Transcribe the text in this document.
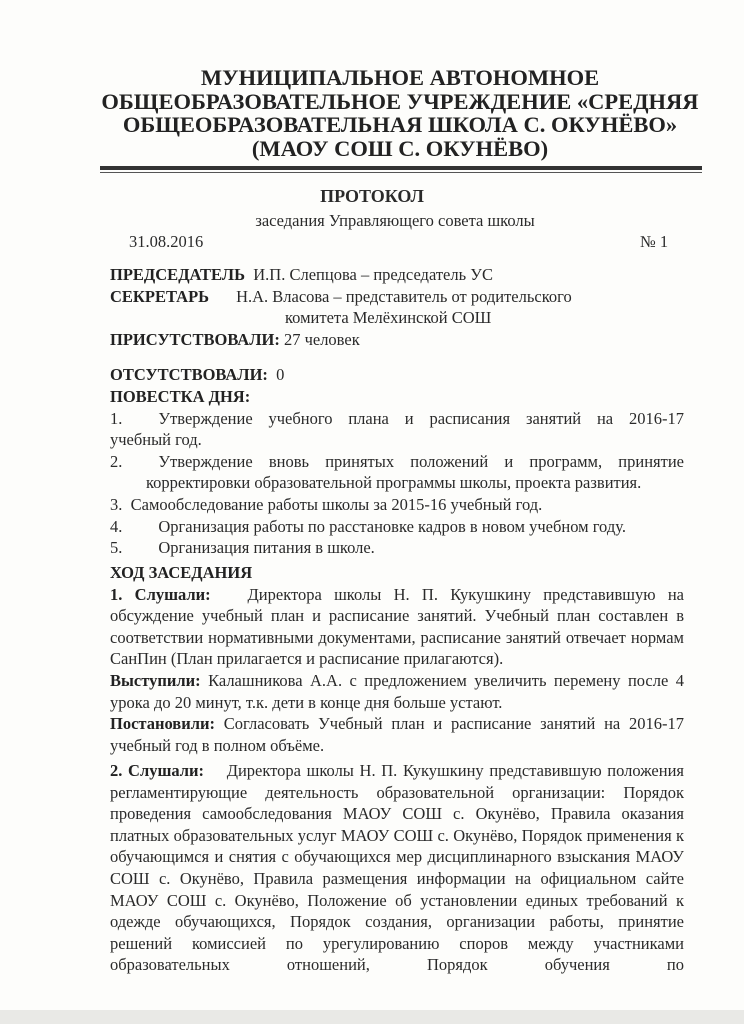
МУНИЦИПАЛЬНОЕ АВТОНОМНОЕ
ОБЩЕОБРАЗОВАТЕЛЬНОЕ УЧРЕЖДЕНИЕ «СРЕДНЯЯ
ОБЩЕОБРАЗОВАТЕЛЬНАЯ ШКОЛА С. ОКУНЁВО»
(МАОУ СОШ С. ОКУНЁВО)
ПРОТОКОЛ
заседания Управляющего совета школы
31.08.2016	№ 1
ПРЕДСЕДАТЕЛЬ И.П. Слепцова – председатель УС
СЕКРЕТАРЬ Н.А. Власова – представитель от родительского
комитета Мелёхинской СОШ
ПРИСУТСТВОВАЛИ: 27 человек
ОТСУТСТВОВАЛИ: 0
ПОВЕСТКА ДНЯ:
1. Утверждение учебного плана и расписания занятий на 2016-17
учебный год.
2. Утверждение вновь принятых положений и программ, принятие
корректировки образовательной программы школы, проекта развития.
3. Самообследование работы школы за 2015-16 учебный год.
4. Организация работы по расстановке кадров в новом учебном году.
5. Организация питания в школе.
ХОД ЗАСЕДАНИЯ
1. Слушали: Директора школы Н. П. Кукушкину представившую на обсуждение учебный план и расписание занятий. Учебный план составлен в соответствии нормативными документами, расписание занятий отвечает нормам СанПин (План прилагается и расписание прилагаются).
Выступили: Калашникова А.А. с предложением увеличить перемену после 4 урока до 20 минут, т.к. дети в конце дня больше устают.
Постановили: Согласовать Учебный план и расписание занятий на 2016-17 учебный год в полном объёме.
2. Слушали: Директора школы Н. П. Кукушкину представившую положения регламентирующие деятельность образовательной организации: Порядок проведения самообследования МАОУ СОШ с. Окунёво, Правила оказания платных образовательных услуг МАОУ СОШ с. Окунёво, Порядок применения к обучающимся и снятия с обучающихся мер дисциплинарного взыскания МАОУ СОШ с. Окунёво, Правила размещения информации на официальном сайте МАОУ СОШ с. Окунёво, Положение об установлении единых требований к одежде обучающихся, Порядок создания, организации работы, принятие решений комиссией по урегулированию споров между участниками образовательных отношений, Порядок обучения по
